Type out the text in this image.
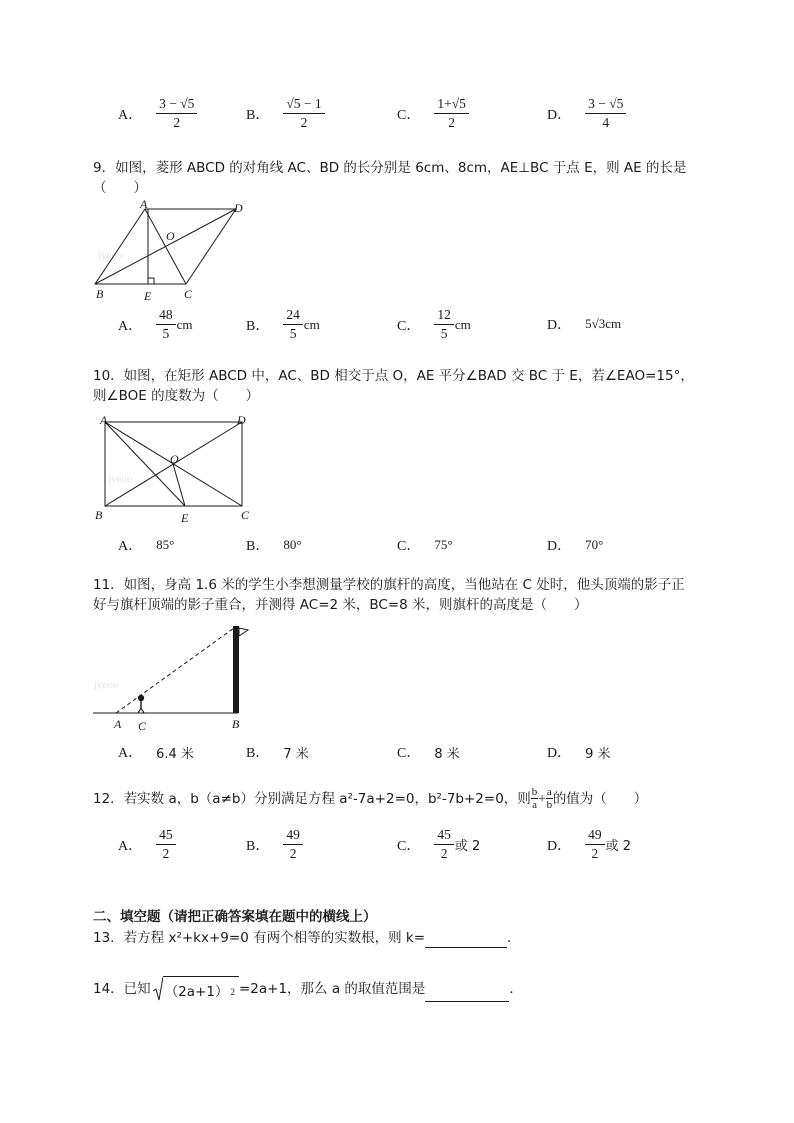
A． $\frac{3 - √5}{2}$	B． $\frac{√5 - 1}{2}$	C． $\frac{1+√5}{2}$	D． $\frac{3 - √5}{4}$
9．如图，菱形 ABCD 的对角线 AC、BD 的长分别是 6cm、8cm，AE⊥BC 于点 E，则 AE 的长是
（　　）
jyeoo
A	D
O
B	E	C
A． $\frac{48}{5}$ cm	B． $\frac{24}{5}$ cm	C． $\frac{12}{5}$ cm	D． 5√3cm
10．如图，在矩形 ABCD 中，AC、BD 相交于点 O，AE 平分∠BAD 交 BC 于 E，若∠EAO=15°，
则∠BOE 的度数为（　　）
jyeoo
A	D
O
B	E	C
A． 85°	B． 80°	C． 75°	D． 70°
11．如图，身高 1.6 米的学生小李想测量学校的旗杆的高度，当他站在 C 处时，他头顶端的影子正
好与旗杆顶端的影子重合，并测得 AC=2 米，BC=8 米，则旗杆的高度是（　　）
jyeoo
A C	B
A． 6.4 米	B． 7 米	C． 8 米	D． 9 米
12．若实数 a，b（a≠b）分别满足方程 a²-7a+2=0，b²-7b+2=0，则 $\frac{b}{a} + \frac{a}{b}$ 的值为（　　）
A． $\frac{45}{2}$	B． $\frac{49}{2}$	C． $\frac{45}{2}$ 或 2	D． $\frac{49}{2}$ 或 2
二、填空题（请把正确答案填在题中的横线上）
13．若方程 x²+kx+9=0 有两个相等的实数根，则 k=	．
14．已知 （2a+1） 2 =2a+1，那么 a 的取值范围是	．
